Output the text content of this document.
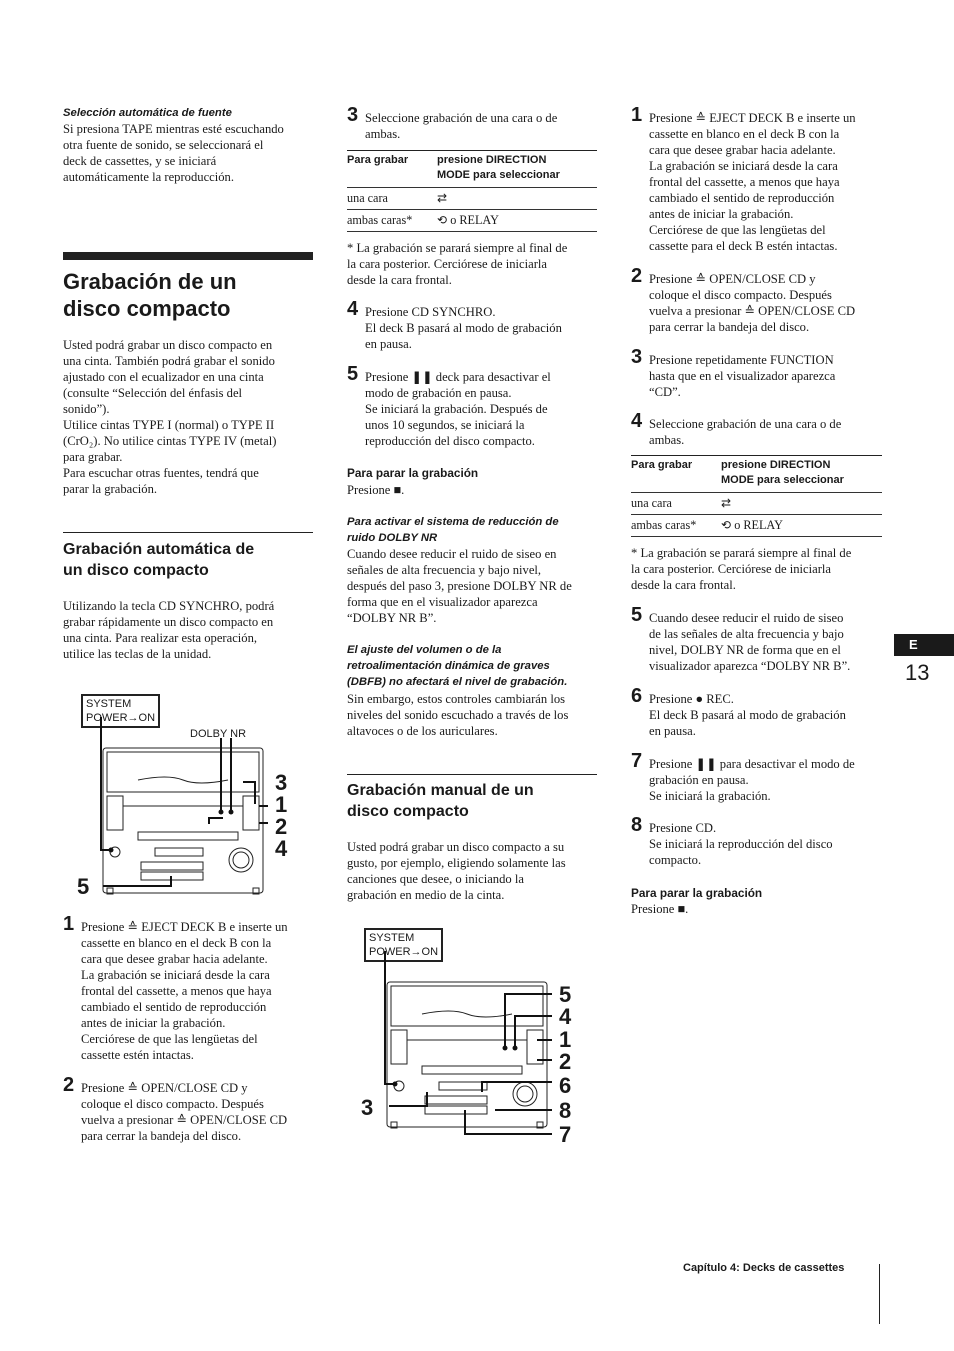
Selección automática de fuente

Si presiona TAPE mientras esté escuchando
otra fuente de sonido, se seleccionará el
deck de cassettes, y se iniciará
automáticamente la reproducción.

Grabación de un
disco compacto

Usted podrá grabar un disco compacto en
una cinta. También podrá grabar el sonido
ajustado con el ecualizador en una cinta
(consulte “Selección del énfasis del
sonido”).
Utilice cintas TYPE I (normal) o TYPE II
(CrO₂). No utilice cintas TYPE IV (metal)
para grabar.
Para escuchar otras fuentes, tendrá que
parar la grabación.

Grabación automática de
un disco compacto

Utilizando la tecla CD SYNCHRO, podrá
grabar rápidamente un disco compacto en
una cinta. Para realizar esta operación,
utilice las teclas de la unidad.

SYSTEM
POWER→ON
DOLBY NR
3
1
2
4
5
1 Presione ≙ EJECT DECK B e inserte un
cassette en blanco en el deck B con la
cara que desee grabar hacia adelante.
La grabación se iniciará desde la cara
frontal del cassette, a menos que haya
cambiado el sentido de reproducción
antes de iniciar la grabación.
Cerciórese de que las lengüetas del
cassette estén intactas.
2 Presione ≙ OPEN/CLOSE CD y
coloque el disco compacto. Después
vuelva a presionar ≙ OPEN/CLOSE CD
para cerrar la bandeja del disco.
3 Seleccione grabación de una cara o de
ambas.
Para grabar	presione DIRECTION
MODE para seleccionar
una cara	⇄
ambas caras*	⟲ o RELAY

* La grabación se parará siempre al final de
la cara posterior. Cerciórese de iniciarla
desde la cara frontal.

4 Presione CD SYNCHRO.
El deck B pasará al modo de grabación
en pausa.
5 Presione ❚❚ deck para desactivar el
modo de grabación en pausa.
Se iniciará la grabación. Después de
unos 10 segundos, se iniciará la
reproducción del disco compacto.

Para parar la grabación

Presione ■.

Para activar el sistema de reducción de
ruido DOLBY NR

Cuando desee reducir el ruido de siseo en
señales de alta frecuencia y bajo nivel,
después del paso 3, presione DOLBY NR de
forma que en el visualizador aparezca
“DOLBY NR B”.

El ajuste del volumen o de la
retroalimentación dinámica de graves
(DBFB) no afectará el nivel de grabación.

Sin embargo, estos controles cambiarán los
niveles del sonido escuchado a través de los
altavoces o de los auriculares.

Grabación manual de un
disco compacto

Usted podrá grabar un disco compacto a su
gusto, por ejemplo, eligiendo solamente las
canciones que desee, o iniciando la
grabación en medio de la cinta.

SYSTEM
POWER→ON
5
4
1
2
6
8
7
3
1 Presione ≙ EJECT DECK B e inserte un
cassette en blanco en el deck B con la
cara que desee grabar hacia adelante.
La grabación se iniciará desde la cara
frontal del cassette, a menos que haya
cambiado el sentido de reproducción
antes de iniciar la grabación.
Cerciórese de que las lengüetas del
cassette para el deck B estén intactas.
2 Presione ≙ OPEN/CLOSE CD y
coloque el disco compacto. Después
vuelva a presionar ≙ OPEN/CLOSE CD
para cerrar la bandeja del disco.
3 Presione repetidamente FUNCTION
hasta que en el visualizador aparezca
“CD”.
4 Seleccione grabación de una cara o de
ambas.
Para grabar	presione DIRECTION
MODE para seleccionar
una cara	⇄
ambas caras*	⟲ o RELAY

* La grabación se parará siempre al final de
la cara posterior. Cerciórese de iniciarla
desde la cara frontal.

5 Cuando desee reducir el ruido de siseo
de las señales de alta frecuencia y bajo
nivel, DOLBY NR de forma que en el
visualizador aparezca “DOLBY NR B”.
6 Presione ● REC.
El deck B pasará al modo de grabación
en pausa.
7 Presione ❚❚ para desactivar el modo de
grabación en pausa.
Se iniciará la grabación.
8 Presione CD.
Se iniciará la reproducción del disco
compacto.

Para parar la grabación

Presione ■.

E
13
Capítulo 4: Decks de cassettes
